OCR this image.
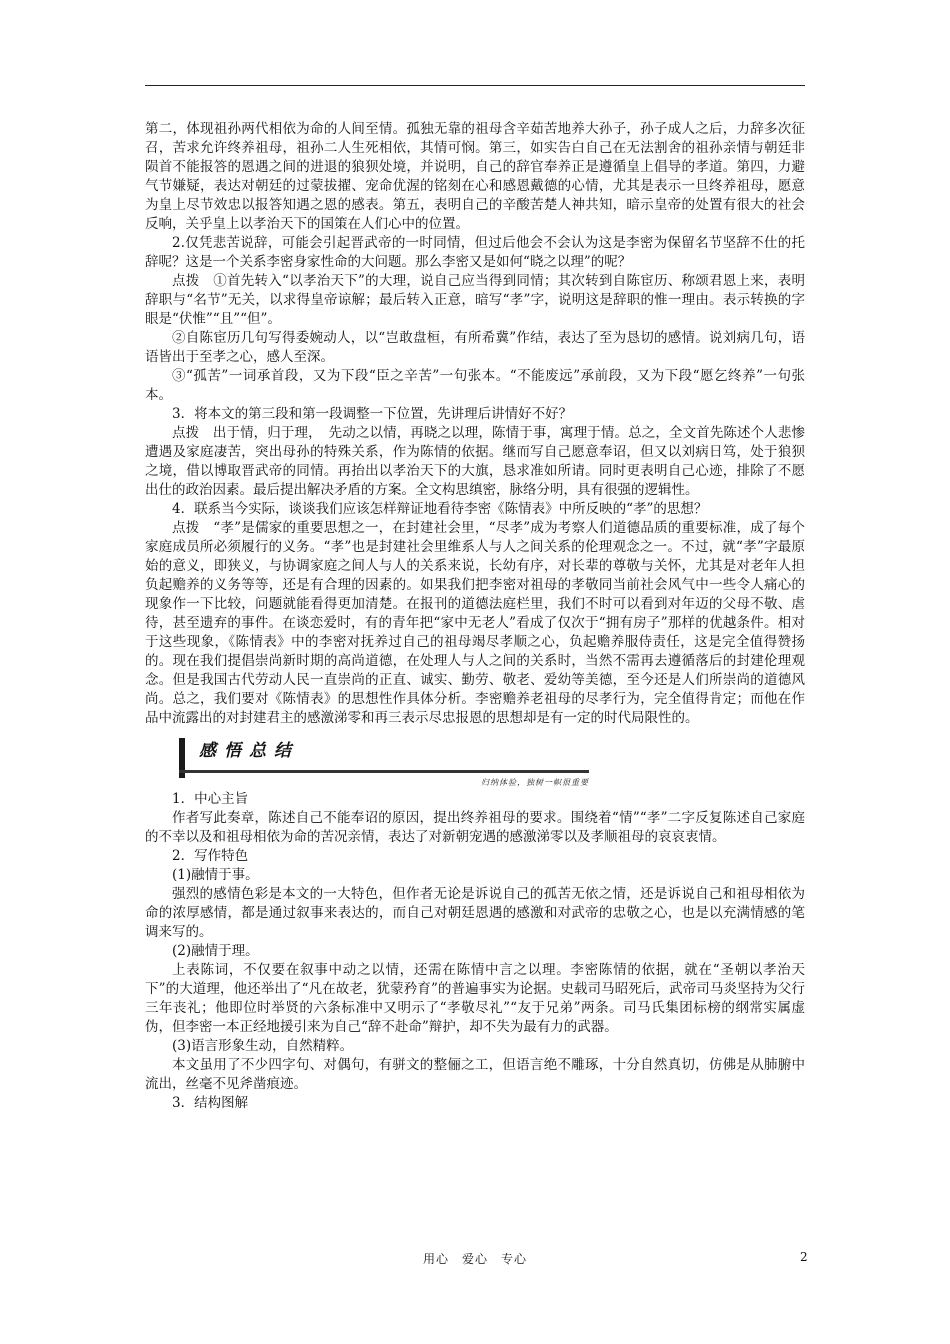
第二，体现祖孙两代相依为命的人间至情。孤独无靠的祖母含辛茹苦地养大孙子，孙子成人之后，力辞多次征召，苦求允许终养祖母，祖孙二人生死相依，其情可悯。第三，如实告白自己在无法割舍的祖孙亲情与朝廷非陨首不能报答的恩遇之间的进退的狼狈处境，并说明，自己的辞官奉养正是遵循皇上倡导的孝道。第四，力避气节嫌疑，表达对朝廷的过蒙拔擢、宠命优渥的铭刻在心和感恩戴德的心情，尤其是表示一旦终养祖母，愿意为皇上尽节效忠以报答知遇之恩的感表。第五，表明自己的辛酸苦楚人神共知，暗示皇帝的处置有很大的社会反响，关乎皇上以孝治天下的国策在人们心中的位置。

2.仅凭悲苦说辞，可能会引起晋武帝的一时同情，但过后他会不会认为这是李密为保留名节坚辞不仕的托辞呢？这是一个关系李密身家性命的大问题。那么李密又是如何“晓之以理”的呢？

点拨　①首先转入“以孝治天下”的大理，说自己应当得到同情；其次转到自陈宦历、称颂君恩上来，表明辞职与“名节”无关，以求得皇帝谅解；最后转入正意，暗写“孝”字，说明这是辞职的惟一理由。表示转换的字眼是“伏惟”“且”“但”。

②自陈宦历几句写得委婉动人，以“岂敢盘桓，有所希冀”作结，表达了至为恳切的感情。说刘病几句，语语皆出于至孝之心，感人至深。

③“孤苦”一词承首段，又为下段“臣之辛苦”一句张本。“不能废远”承前段，又为下段“愿乞终养”一句张本。

3．将本文的第三段和第一段调整一下位置，先讲理后讲情好不好？

点拨　出于情，归于理，　先动之以情，再晓之以理，陈情于事，寓理于情。总之，全文首先陈述个人悲惨遭遇及家庭凄苦，突出母孙的特殊关系，作为陈情的依据。继而写自己愿意奉诏，但又以刘病日笃，处于狼狈之境，借以博取晋武帝的同情。再抬出以孝治天下的大旗，恳求准如所请。同时更表明自己心迹，排除了不愿出仕的政治因素。最后提出解决矛盾的方案。全文构思缜密，脉络分明，具有很强的逻辑性。

4．联系当今实际，谈谈我们应该怎样辩证地看待李密《陈情表》中所反映的“孝”的思想？

点拨　“孝”是儒家的重要思想之一，在封建社会里，“尽孝”成为考察人们道德品质的重要标准，成了每个家庭成员所必须履行的义务。“孝”也是封建社会里维系人与人之间关系的伦理观念之一。不过，就“孝”字最原始的意义，即狭义，与协调家庭之间人与人的关系来说，长幼有序，对长辈的尊敬与关怀，尤其是对老年人担负起赡养的义务等等，还是有合理的因素的。如果我们把李密对祖母的孝敬同当前社会风气中一些令人痛心的现象作一下比较，问题就能看得更加清楚。在报刊的道德法庭栏里，我们不时可以看到对年迈的父母不敬、虐待，甚至遗弃的事件。在谈恋爱时，有的青年把“家中无老人”看成了仅次于“拥有房子”那样的优越条件。相对于这些现象，《陈情表》中的李密对抚养过自己的祖母竭尽孝顺之心，负起赡养服侍责任，这是完全值得赞扬的。现在我们提倡崇尚新时期的高尚道德，在处理人与人之间的关系时，当然不需再去遵循落后的封建伦理观念。但是我国古代劳动人民一直崇尚的正直、诚实、勤劳、敬老、爱幼等美德，至今还是人们所崇尚的道德风尚。总之，我们要对《陈情表》的思想性作具体分析。李密赡养老祖母的尽孝行为，完全值得肯定；而他在作品中流露出的对封建君主的感激涕零和再三表示尽忠报恩的思想却是有一定的时代局限性的。

感悟总结
归纳体验，独树一帜很重要

1．中心主旨

作者写此奏章，陈述自己不能奉诏的原因，提出终养祖母的要求。围绕着“情”“孝”二字反复陈述自己家庭的不幸以及和祖母相依为命的苦况亲情，表达了对新朝宠遇的感激涕零以及孝顺祖母的哀哀衷情。

2．写作特色

(1)融情于事。

强烈的感情色彩是本文的一大特色，但作者无论是诉说自己的孤苦无依之情，还是诉说自己和祖母相依为命的浓厚感情，都是通过叙事来表达的，而自己对朝廷恩遇的感激和对武帝的忠敬之心，也是以充满情感的笔调来写的。

(2)融情于理。

上表陈词，不仅要在叙事中动之以情，还需在陈情中言之以理。李密陈情的依据，就在“圣朝以孝治天下”的大道理，他还举出了“凡在故老，犹蒙矜育”的普遍事实为论据。史载司马昭死后，武帝司马炎坚持为父行三年丧礼；他即位时举贤的六条标准中又明示了“孝敬尽礼”“友于兄弟”两条。司马氏集团标榜的纲常实属虚伪，但李密一本正经地援引来为自己“辞不赴命”辩护，却不失为最有力的武器。

(3)语言形象生动，自然精粹。

本文虽用了不少四字句、对偶句，有骈文的整俪之工，但语言绝不雕琢，十分自然真切，仿佛是从肺腑中流出，丝毫不见斧凿痕迹。

3．结构图解

用心　爱心　专心	2
